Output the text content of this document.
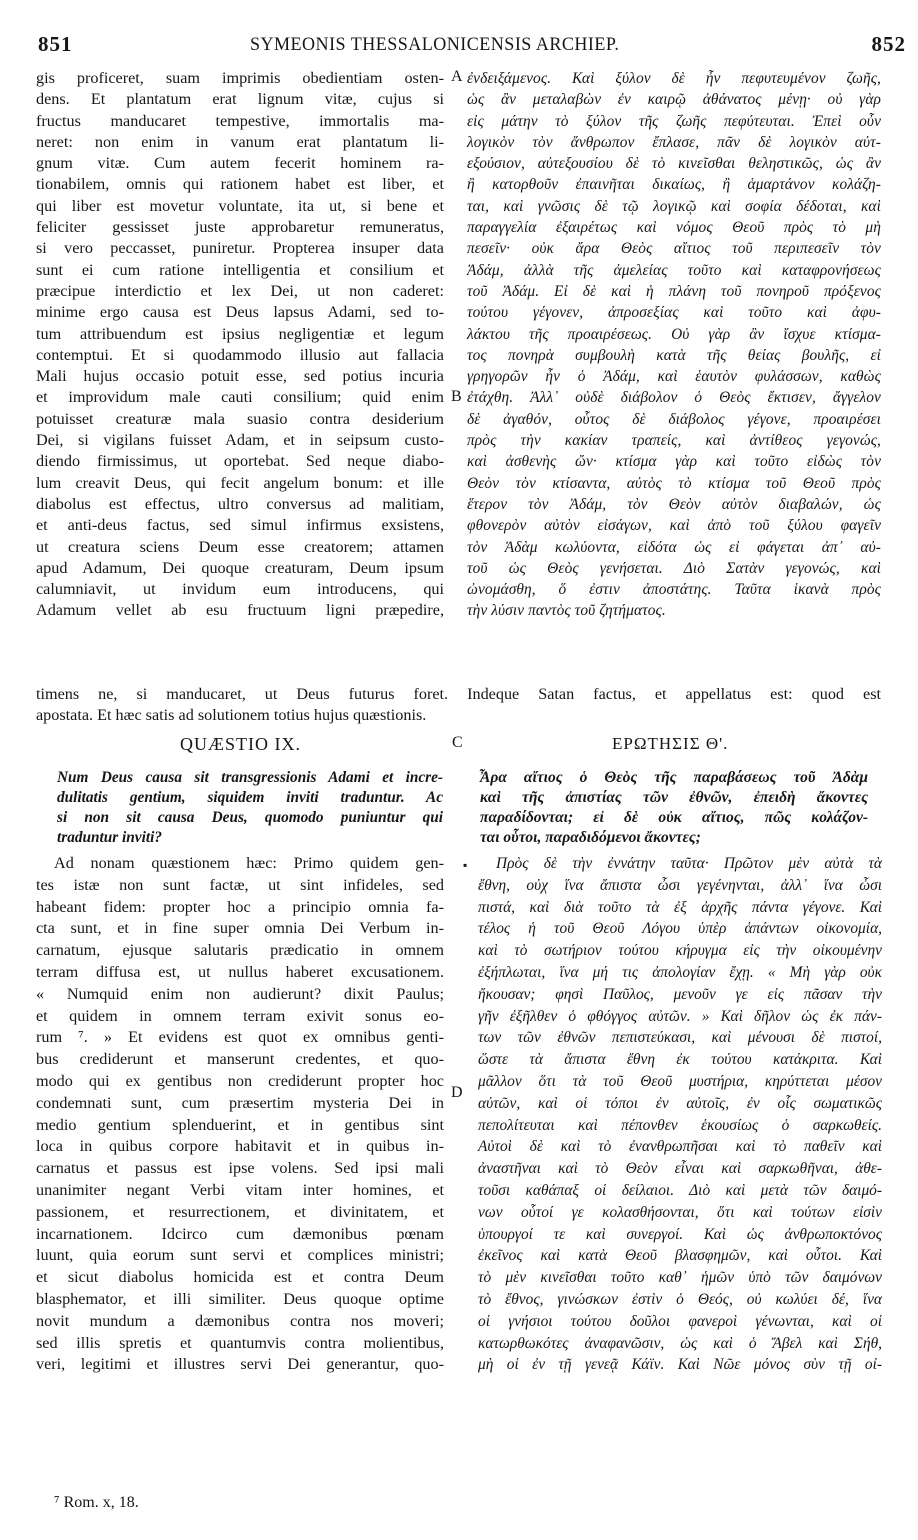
851	SYMEONIS THESSALONICENSIS ARCHIEP.	852
gis proficeret, suam imprimis obedientiam osten-
dens. Et plantatum erat lignum vitæ, cujus si
fructus manducaret tempestive, immortalis ma-
neret: non enim in vanum erat plantatum li-
gnum vitæ. Cum autem fecerit hominem ra-
tionabilem, omnis qui rationem habet est liber, et
qui liber est movetur voluntate, ita ut, si bene et
feliciter gessisset juste approbaretur remuneratus,
si vero peccasset, puniretur. Propterea insuper data
sunt ei cum ratione intelligentia et consilium et
præcipue interdictio et lex Dei, ut non caderet:
minime ergo causa est Deus lapsus Adami, sed to-
tum attribuendum est ipsius negligentiæ et legum
contemptui. Et si quodammodo illusio aut fallacia
Mali hujus occasio potuit esse, sed potius incuria
et improvidum male cauti consilium; quid enim
potuisset creaturæ mala suasio contra desiderium
Dei, si vigilans fuisset Adam, et in seipsum custo-
diendo firmissimus, ut oportebat. Sed neque diabo-
lum creavit Deus, qui fecit angelum bonum: et ille
diabolus est effectus, ultro conversus ad malitiam,
et anti-deus factus, sed simul infirmus exsistens,
ut creatura sciens Deum esse creatorem; attamen
apud Adamum, Dei quoque creaturam, Deum ipsum
calumniavit, ut invidum eum introducens, qui
Adamum vellet ab esu fructuum ligni præpedire,
ἐνδειξάμενος. Καὶ ξύλον δὲ ἦν πεφυτευμένον ζωῆς,
ὡς ἂν μεταλαβὼν ἐν καιρῷ ἀθάνατος μένῃ· οὐ γὰρ
εἰς μάτην τὸ ξύλον τῆς ζωῆς πεφύτευται. Ἐπεὶ οὖν
λογικὸν τὸν ἄνθρωπον ἔπλασε, πᾶν δὲ λογικὸν αὐτ-
εξούσιον, αὐτεξουσίου δὲ τὸ κινεῖσθαι θεληστικῶς, ὡς ἂν
ἢ κατορθοῦν ἐπαινῆται δικαίως, ἢ ἁμαρτάνον κολάζη-
ται, καὶ γνῶσις δὲ τῷ λογικῷ καὶ σοφία δέδοται, καὶ
παραγγελία ἐξαιρέτως καὶ νόμος Θεοῦ πρὸς τὸ μὴ
πεσεῖν· οὐκ ἄρα Θεὸς αἴτιος τοῦ περιπεσεῖν τὸν
Ἀδάμ, ἀλλὰ τῆς ἀμελείας τοῦτο καὶ καταφρονήσεως
τοῦ Ἀδάμ. Εἰ δὲ καὶ ἡ πλάνη τοῦ πονηροῦ πρόξενος
τούτου γέγονεν, ἀπροσεξίας καὶ τοῦτο καὶ ἀφυ-
λάκτου τῆς προαιρέσεως. Οὐ γὰρ ἂν ἴσχυε κτίσμα-
τος πονηρὰ συμβουλὴ κατὰ τῆς θείας βουλῆς, εἰ
γρηγορῶν ἦν ὁ Ἀδάμ, καὶ ἑαυτὸν φυλάσσων, καθὼς
ἐτάχθη. Ἀλλ᾽ οὐδὲ διάβολον ὁ Θεὸς ἔκτισεν, ἄγγελον
δὲ ἀγαθόν, οὗτος δὲ διάβολος γέγονε, προαιρέσει
πρὸς τὴν κακίαν τραπείς, καὶ ἀντίθεος γεγονώς,
καὶ ἀσθενὴς ὤν· κτίσμα γὰρ καὶ τοῦτο εἰδὼς τὸν
Θεὸν τὸν κτίσαντα, αὐτὸς τὸ κτίσμα τοῦ Θεοῦ πρὸς
ἕτερον τὸν Ἀδάμ, τὸν Θεὸν αὐτὸν διαβαλών, ὡς
φθονερὸν αὐτὸν εἰσάγων, καὶ ἀπὸ τοῦ ξύλου φαγεῖν
τὸν Ἀδὰμ κωλύοντα, εἰδότα ὡς εἰ φάγεται ἀπ᾽ αὐ-
τοῦ ὡς Θεὸς γενήσεται. Διὸ Σατὰν γεγονώς, καὶ
ὠνομάσθη, ὅ ἐστιν ἀποστάτης. Ταῦτα ἱκανὰ πρὸς
τὴν λύσιν παντὸς τοῦ ζητήματος.
A
B
C
D
timens ne, si manducaret, ut Deus futurus foret. Indeque Satan factus, et appellatus est: quod est
apostata. Et hæc satis ad solutionem totius hujus quæstionis.
QUÆSTIO IX.	ΕΡΩΤΗΣΙΣ Θ'.
Num Deus causa sit transgressionis Adami et incre-
dulitatis gentium, siquidem inviti traduntur. Ac
si non sit causa Deus, quomodo puniuntur qui
traduntur inviti?
Ἆρα αἴτιος ὁ Θεὸς τῆς παραβάσεως τοῦ Ἀδὰμ
καὶ τῆς ἀπιστίας τῶν ἐθνῶν, ἐπειδὴ ἄκοντες
παραδίδονται; εἰ δὲ οὐκ αἴτιος, πῶς κολάζον-
ται οὗτοι, παραδιδόμενοι ἄκοντες;
▪
Ad nonam quæstionem hæc: Primo quidem gen-
tes istæ non sunt factæ, ut sint infideles, sed
habeant fidem: propter hoc a principio omnia fa-
cta sunt, et in fine super omnia Dei Verbum in-
carnatum, ejusque salutaris prædicatio in omnem
terram diffusa est, ut nullus haberet excusationem.
« Numquid enim non audierunt? dixit Paulus;
et quidem in omnem terram exivit sonus eo-
rum ⁷. » Et evidens est quot ex omnibus genti-
bus crediderunt et manserunt credentes, et quo-
modo qui ex gentibus non crediderunt propter hoc
condemnati sunt, cum præsertim mysteria Dei in
medio gentium splenduerint, et in gentibus sint
loca in quibus corpore habitavit et in quibus in-
carnatus et passus est ipse volens. Sed ipsi mali
unanimiter negant Verbi vitam inter homines, et
passionem, et resurrectionem, et divinitatem, et
incarnationem. Idcirco cum dæmonibus pœnam
luunt, quia eorum sunt servi et complices ministri;
et sicut diabolus homicida est et contra Deum
blasphemator, et illi similiter. Deus quoque optime
novit mundum a dæmonibus contra nos moveri;
sed illis spretis et quantumvis contra molientibus,
veri, legitimi et illustres servi Dei generantur, quo-
Πρὸς δὲ τὴν ἐννάτην ταῦτα· Πρῶτον μὲν αὐτὰ τὰ
ἔθνη, οὐχ ἵνα ἄπιστα ὦσι γεγένηνται, ἀλλ᾽ ἵνα ὦσι
πιστά, καὶ διὰ τοῦτο τὰ ἐξ ἀρχῆς πάντα γέγονε. Καὶ
τέλος ἡ τοῦ Θεοῦ Λόγου ὑπὲρ ἁπάντων οἰκονομία,
καὶ τὸ σωτήριον τούτου κήρυγμα εἰς τὴν οἰκουμένην
ἐξήπλωται, ἵνα μή τις ἀπολογίαν ἔχῃ. « Μὴ γὰρ οὐκ
ἤκουσαν; φησὶ Παῦλος, μενοῦν γε εἰς πᾶσαν τὴν
γῆν ἐξῆλθεν ὁ φθόγγος αὐτῶν. » Καὶ δῆλον ὡς ἐκ πάν-
των τῶν ἐθνῶν πεπιστεύκασι, καὶ μένουσι δὲ πιστοί,
ὥστε τὰ ἄπιστα ἔθνη ἐκ τούτου κατάκριτα. Καὶ
μᾶλλον ὅτι τὰ τοῦ Θεοῦ μυστήρια, κηρύττεται μέσον
αὐτῶν, καὶ οἱ τόποι ἐν αὐτοῖς, ἐν οἷς σωματικῶς
πεπολίτευται καὶ πέπονθεν ἑκουσίως ὁ σαρκωθείς.
Αὐτοὶ δὲ καὶ τὸ ἐνανθρωπῆσαι καὶ τὸ παθεῖν καὶ
ἀναστῆναι καὶ τὸ Θεὸν εἶναι καὶ σαρκωθῆναι, ἀθε-
τοῦσι καθάπαξ οἱ δείλαιοι. Διὸ καὶ μετὰ τῶν δαιμό-
νων οὗτοί γε κολασθήσονται, ὅτι καὶ τούτων εἰσὶν
ὑπουργοί τε καὶ συνεργοί. Καὶ ὡς ἀνθρωποκτόνος
ἐκεῖνος καὶ κατὰ Θεοῦ βλασφημῶν, καὶ οὗτοι. Καὶ
τὸ μὲν κινεῖσθαι τοῦτο καθ᾽ ἡμῶν ὑπὸ τῶν δαιμόνων
τὸ ἔθνος, γινώσκων ἐστὶν ὁ Θεός, οὐ κωλύει δέ, ἵνα
οἱ γνήσιοι τούτου δοῦλοι φανεροὶ γένωνται, καὶ οἱ
κατωρθωκότες ἀναφανῶσιν, ὡς καὶ ὁ Ἄβελ καὶ Σήθ,
μὴ οἱ ἐν τῇ γενεᾷ Κάϊν. Καὶ Νῶε μόνος σὺν τῇ οἰ-
⁷ Rom. x, 18.
